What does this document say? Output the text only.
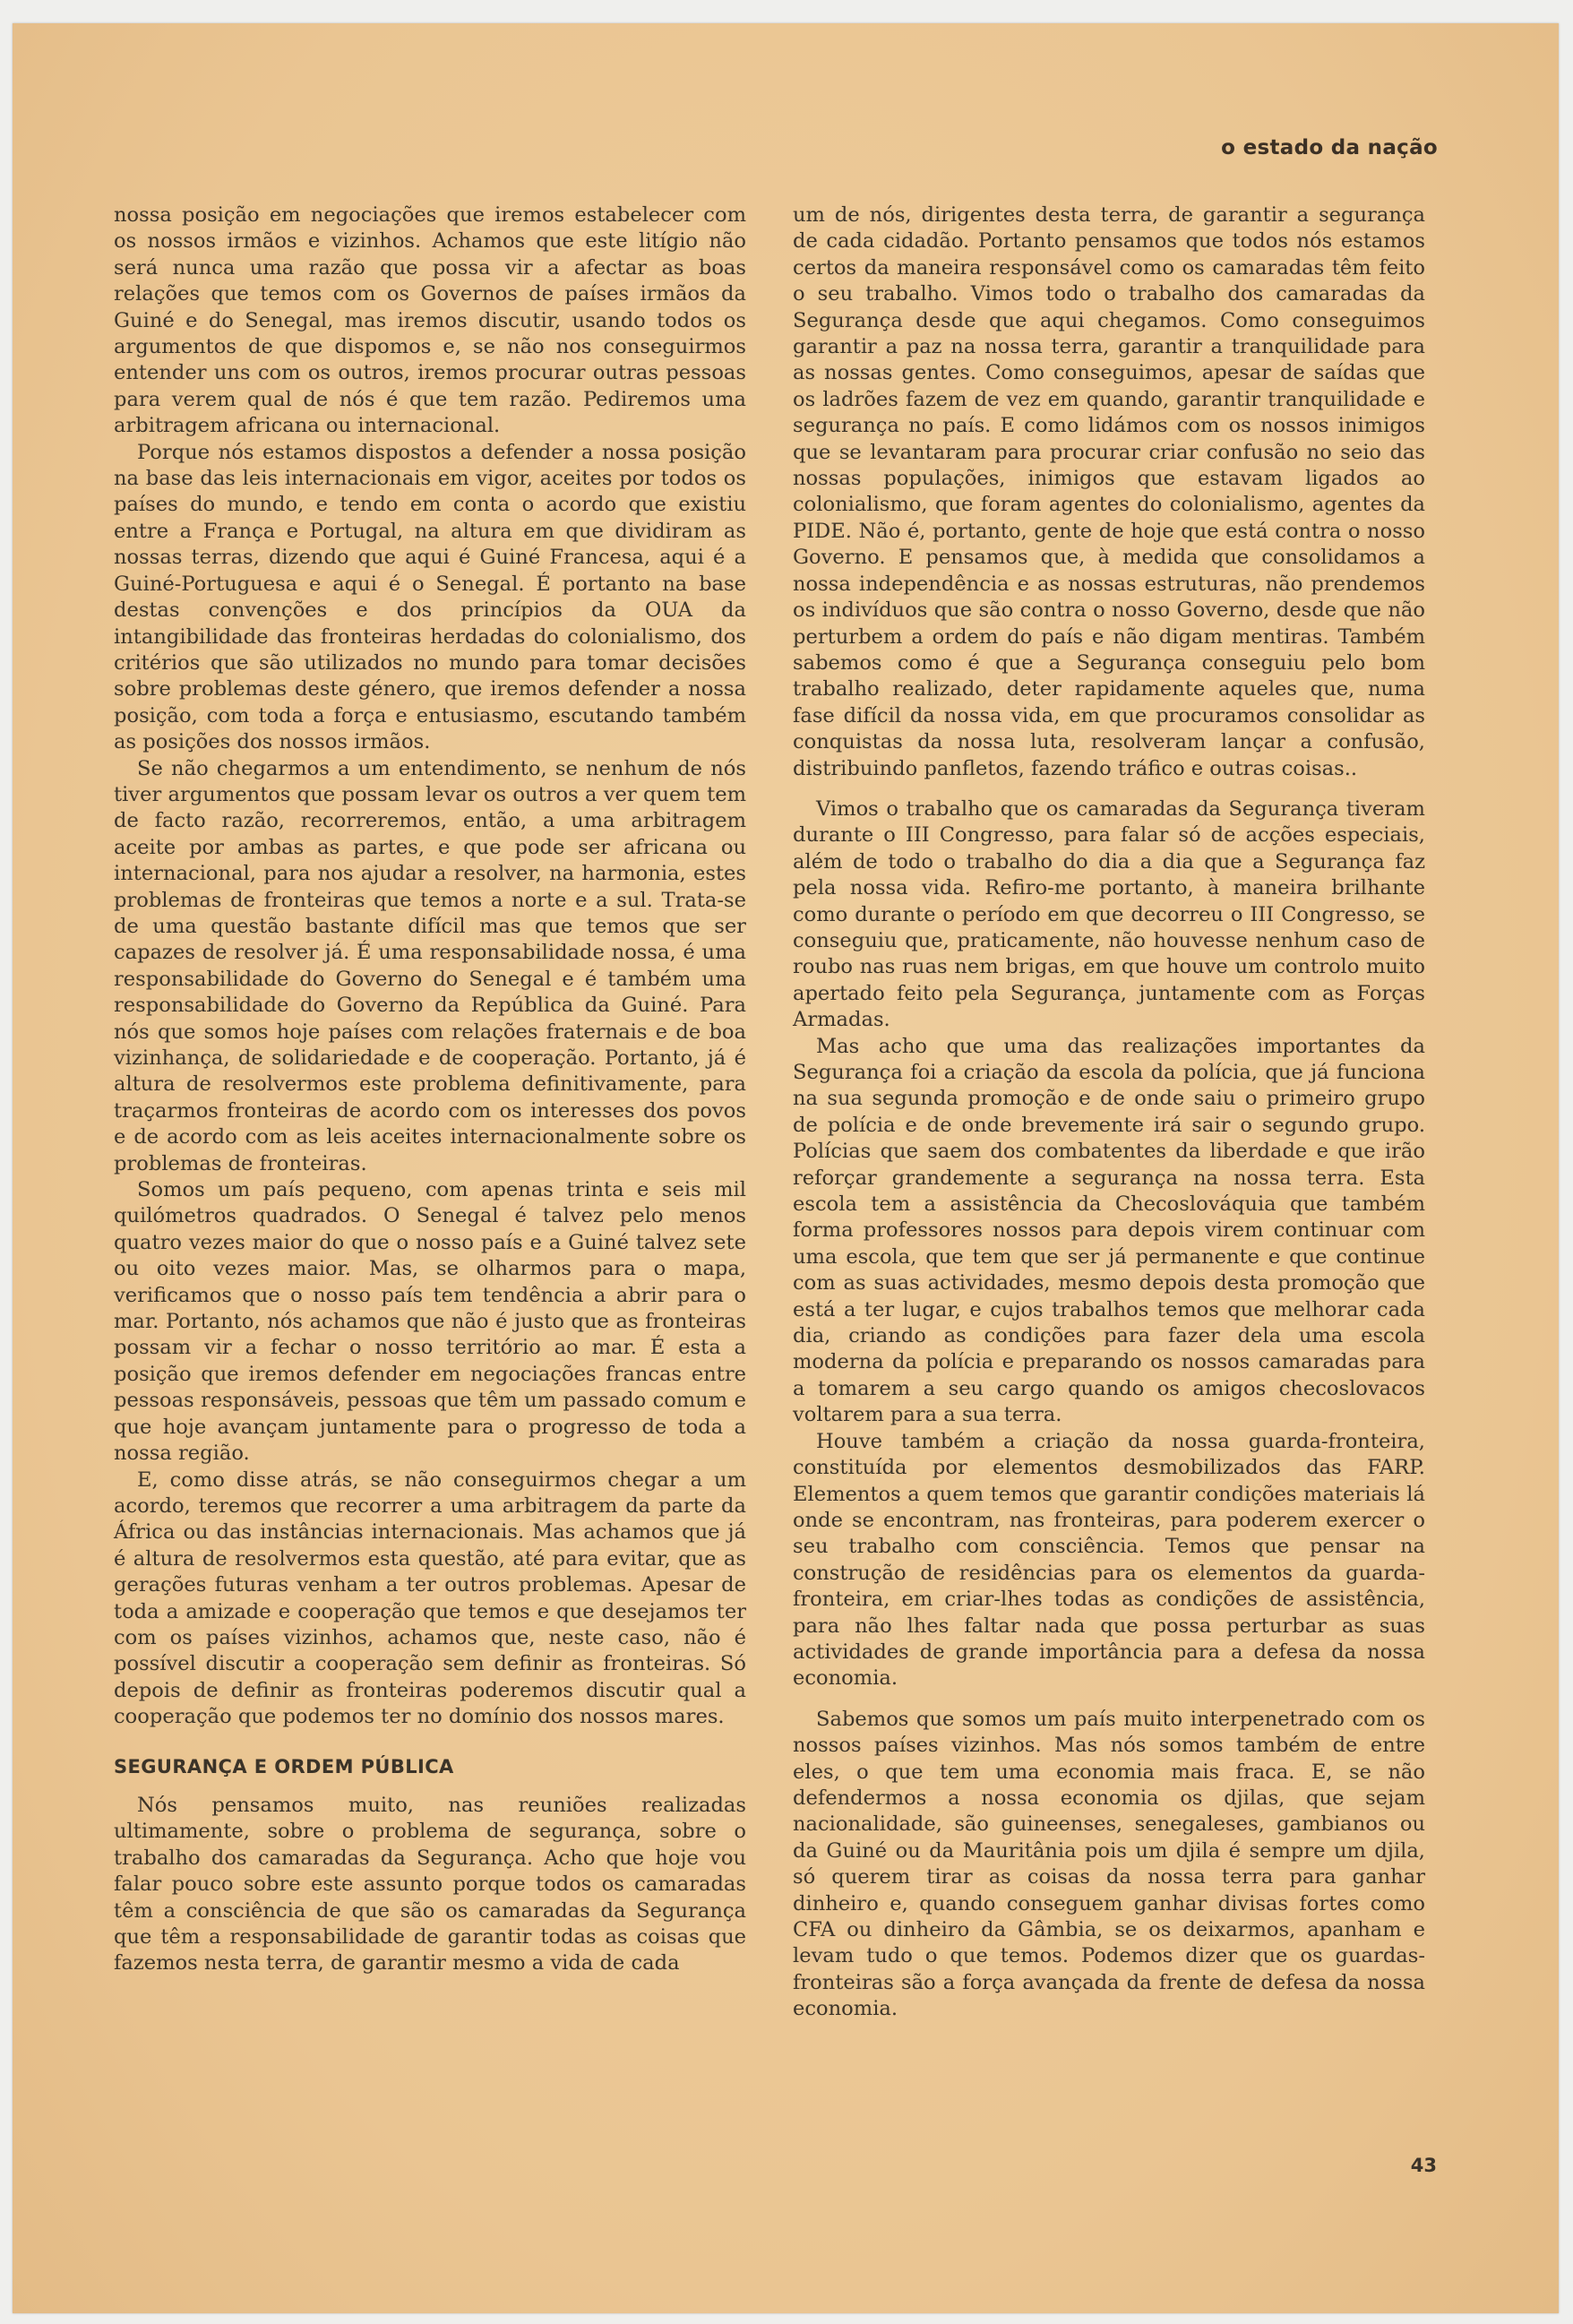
o estado da nação

nossa posição em negociações que iremos estabelecer com os nossos irmãos e vizinhos. Achamos que este litígio não será nunca uma razão que possa vir a afectar as boas relações que temos com os Governos de países irmãos da Guiné e do Senegal, mas iremos discutir, usando todos os argumentos de que dispomos e, se não nos conseguirmos entender uns com os outros, iremos procurar outras pessoas para verem qual de nós é que tem razão. Pediremos uma arbitragem africana ou internacional.

Porque nós estamos dispostos a defender a nossa posição na base das leis internacionais em vigor, aceites por todos os países do mundo, e tendo em conta o acordo que existiu entre a França e Portugal, na altura em que dividiram as nossas terras, dizendo que aqui é Guiné Francesa, aqui é a Guiné-Portuguesa e aqui é o Senegal. É portanto na base destas convenções e dos princípios da OUA da intangibilidade das fronteiras herdadas do colonialismo, dos critérios que são utilizados no mundo para tomar decisões sobre problemas deste género, que iremos defender a nossa posição, com toda a força e entusiasmo, escutando também as posições dos nossos irmãos.

Se não chegarmos a um entendimento, se nenhum de nós tiver argumentos que possam levar os outros a ver quem tem de facto razão, recorreremos, então, a uma arbitragem aceite por ambas as partes, e que pode ser africana ou internacional, para nos ajudar a resolver, na harmonia, estes problemas de fronteiras que temos a norte e a sul. Trata-se de uma questão bastante difícil mas que temos que ser capazes de resolver já. É uma responsabilidade nossa, é uma responsabilidade do Governo do Senegal e é também uma responsabilidade do Governo da República da Guiné. Para nós que somos hoje países com relações fraternais e de boa vizinhança, de solidariedade e de cooperação. Portanto, já é altura de resolvermos este problema definitivamente, para traçarmos fronteiras de acordo com os interesses dos povos e de acordo com as leis aceites internacionalmente sobre os problemas de fronteiras.

Somos um país pequeno, com apenas trinta e seis mil quilómetros quadrados. O Senegal é talvez pelo menos quatro vezes maior do que o nosso país e a Guiné talvez sete ou oito vezes maior. Mas, se olharmos para o mapa, verificamos que o nosso país tem tendência a abrir para o mar. Portanto, nós achamos que não é justo que as fronteiras possam vir a fechar o nosso território ao mar. É esta a posição que iremos defender em negociações francas entre pessoas responsáveis, pessoas que têm um passado comum e que hoje avançam juntamente para o progresso de toda a nossa região.

E, como disse atrás, se não conseguirmos chegar a um acordo, teremos que recorrer a uma arbitragem da parte da África ou das instâncias internacionais. Mas achamos que já é altura de resolvermos esta questão, até para evitar, que as gerações futuras venham a ter outros problemas. Apesar de toda a amizade e cooperação que temos e que desejamos ter com os países vizinhos, achamos que, neste caso, não é possível discutir a cooperação sem definir as fronteiras. Só depois de definir as fronteiras poderemos discutir qual a cooperação que podemos ter no domínio dos nossos mares.

SEGURANÇA E ORDEM PÚBLICA

Nós pensamos muito, nas reuniões realizadas ultimamente, sobre o problema de segurança, sobre o trabalho dos camaradas da Segurança. Acho que hoje vou falar pouco sobre este assunto porque todos os camaradas têm a consciência de que são os camaradas da Segurança que têm a responsabilidade de garantir todas as coisas que fazemos nesta terra, de garantir mesmo a vida de cada

um de nós, dirigentes desta terra, de garantir a segurança de cada cidadão. Portanto pensamos que todos nós estamos certos da maneira responsável como os camaradas têm feito o seu trabalho. Vimos todo o trabalho dos camaradas da Segurança desde que aqui chegamos. Como conseguimos garantir a paz na nossa terra, garantir a tranquilidade para as nossas gentes. Como conseguimos, apesar de saídas que os ladrões fazem de vez em quando, garantir tranquilidade e segurança no país. E como lidámos com os nossos inimigos que se levantaram para procurar criar confusão no seio das nossas populações, inimigos que estavam ligados ao colonialismo, que foram agentes do colonialismo, agentes da PIDE. Não é, portanto, gente de hoje que está contra o nosso Governo. E pensamos que, à medida que consolidamos a nossa independência e as nossas estruturas, não prendemos os indivíduos que são contra o nosso Governo, desde que não perturbem a ordem do país e não digam mentiras. Também sabemos como é que a Segurança conseguiu pelo bom trabalho realizado, deter rapidamente aqueles que, numa fase difícil da nossa vida, em que procuramos consolidar as conquistas da nossa luta, resolveram lançar a confusão, distribuindo panfletos, fazendo tráfico e outras coisas..

Vimos o trabalho que os camaradas da Segurança tiveram durante o III Congresso, para falar só de acções especiais, além de todo o trabalho do dia a dia que a Segurança faz pela nossa vida. Refiro-me portanto, à maneira brilhante como durante o período em que decorreu o III Congresso, se conseguiu que, praticamente, não houvesse nenhum caso de roubo nas ruas nem brigas, em que houve um controlo muito apertado feito pela Segurança, juntamente com as Forças Armadas.

Mas acho que uma das realizações importantes da Segurança foi a criação da escola da polícia, que já funciona na sua segunda promoção e de onde saiu o primeiro grupo de polícia e de onde brevemente irá sair o segundo grupo. Polícias que saem dos combatentes da liberdade e que irão reforçar grandemente a segurança na nossa terra. Esta escola tem a assistência da Checoslováquia que também forma professores nossos para depois virem continuar com uma escola, que tem que ser já permanente e que continue com as suas actividades, mesmo depois desta promoção que está a ter lugar, e cujos trabalhos temos que melhorar cada dia, criando as condições para fazer dela uma escola moderna da polícia e preparando os nossos camaradas para a tomarem a seu cargo quando os amigos checoslovacos voltarem para a sua terra.

Houve também a criação da nossa guarda-fronteira, constituída por elementos desmobilizados das FARP. Elementos a quem temos que garantir condições materiais lá onde se encontram, nas fronteiras, para poderem exercer o seu trabalho com consciência. Temos que pensar na construção de residências para os elementos da guarda-fronteira, em criar-lhes todas as condições de assistência, para não lhes faltar nada que possa perturbar as suas actividades de grande importância para a defesa da nossa economia.

Sabemos que somos um país muito interpenetrado com os nossos países vizinhos. Mas nós somos também de entre eles, o que tem uma economia mais fraca. E, se não defendermos a nossa economia os djilas, que sejam nacionalidade, são guineenses, senegaleses, gambianos ou da Guiné ou da Mauritânia pois um djila é sempre um djila, só querem tirar as coisas da nossa terra para ganhar dinheiro e, quando conseguem ganhar divisas fortes como CFA ou dinheiro da Gâmbia, se os deixarmos, apanham e levam tudo o que temos. Podemos dizer que os guardas-fronteiras são a força avançada da frente de defesa da nossa economia.

43
